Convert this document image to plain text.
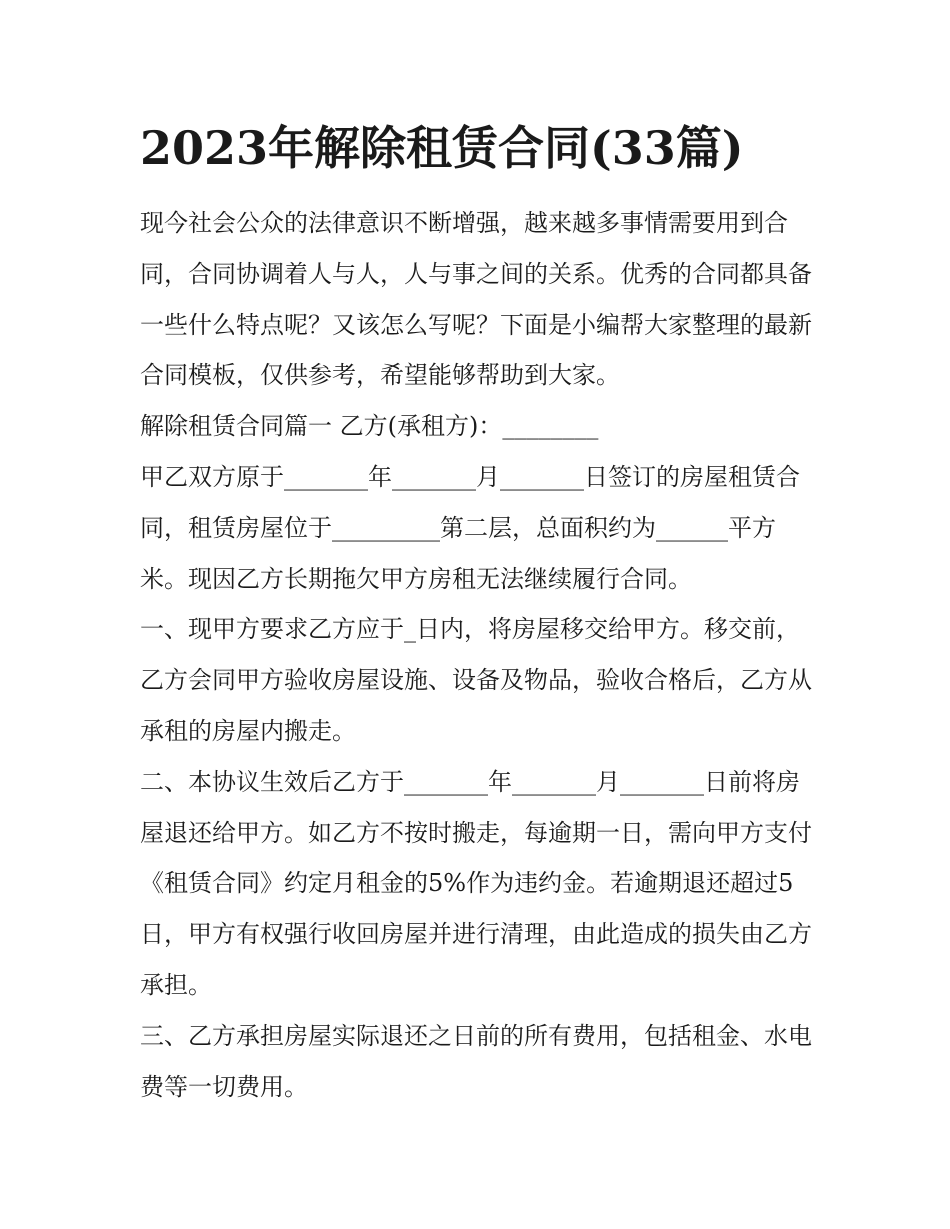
2023年解除租赁合同(33篇)

现今社会公众的法律意识不断增强，越来越多事情需要用到合同，合同协调着人与人，人与事之间的关系。优秀的合同都具备一些什么特点呢？又该怎么写呢？下面是小编帮大家整理的最新合同模板，仅供参考，希望能够帮助到大家。

解除租赁合同篇一 乙方(承租方)：________

甲乙双方原于_______年_______月_______日签订的房屋租赁合同，租赁房屋位于_________第二层，总面积约为______平方米。现因乙方长期拖欠甲方房租无法继续履行合同。

一、现甲方要求乙方应于_日内，将房屋移交给甲方。移交前，乙方会同甲方验收房屋设施、设备及物品，验收合格后，乙方从承租的房屋内搬走。

二、本协议生效后乙方于_______年_______月_______日前将房屋退还给甲方。如乙方不按时搬走，每逾期一日，需向甲方支付《租赁合同》约定月租金的5%作为违约金。若逾期退还超过5日，甲方有权强行收回房屋并进行清理，由此造成的损失由乙方承担。

三、乙方承担房屋实际退还之日前的所有费用，包括租金、水电费等一切费用。
